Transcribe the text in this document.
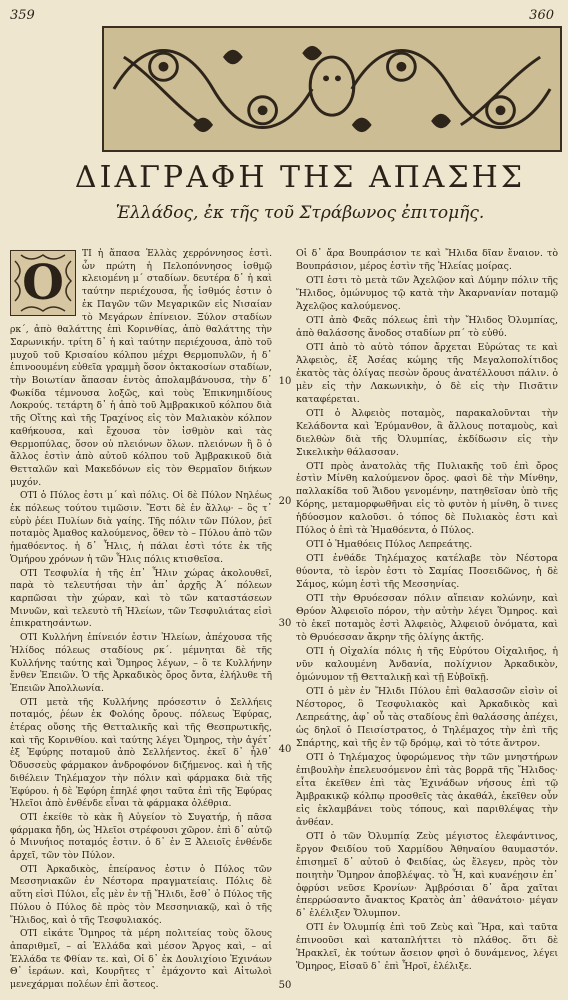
359	360
ΔΙΑΓΡΑΦΗ ΤΗΣ ΑΠΑΣΗΣ
Ἑλλάδος, ἐκ τῆς τοῦ Στράβωνος ἐπιτομῆς.
Ο

ΤΙ ἡ ἅπασα Ἑλλὰς χερρόννησος ἐστὶ. ὧν πρώτη ἡ Πελοπόννησος ἰσθμῷ κλειομένη μ΄ σταδίων. δευτέρα δ᾽ ἡ καὶ ταύτην περιέχουσα, ἧς ἰσθμός ἐστιν ὁ ἐκ Παγῶν τῶν Μεγαρικῶν εἰς Νισαίαν τὸ Μεγάρων ἐπίνειον. Ξύλον σταδίων ρκ΄, ἀπὸ θαλάττης ἐπὶ Κορινθίας, ἀπὸ θαλάττης τὴν Σαρωνικήν. τρίτη δ᾽ ἡ καὶ ταύτην περιέχουσα, ἀπὸ τοῦ μυχοῦ τοῦ Κρισαίου κόλπου μέχρι Θερμοπυλῶν, ἡ δ᾽ ἐπινοουμένη εὐθεῖα γραμμὴ ὅσον ὀκτακοσίων σταδίων, τὴν Βοιωτίαν ἅπασαν ἐντὸς ἀπολαμβάνουσα, τὴν δ᾽ Φωκίδα τέμνουσα λοξῶς, καὶ τοὺς Ἐπικνημιδίους Λοκρούς. τετάρτη δ᾽ ἡ ἀπὸ τοῦ Ἀμβρακικοῦ κόλπου διὰ τῆς Οἴτης καὶ τῆς Τραχίνος εἰς τὸν Μαλιακὸν κόλπον καθήκουσα, καὶ ἔχουσα τὸν ἰσθμὸν καὶ τὰς Θερμοπύλας, ὅσον οὐ πλειόνων ὅλων. πλειόνων ἢ ὃ ὁ ἄλλος ἐστὶν ἀπὸ αὐτοῦ κόλπου τοῦ Ἀμβρακικοῦ διὰ Θετταλῶν καὶ Μακεδόνων εἰς τὸν Θερμαῖον διήκων μυχόν.

ΟΤΙ ὁ Πύλος ἐστι μ΄ καὶ πόλις. Οἱ δὲ Πύλον Νηλέως ἐκ πόλεως τούτου τιμῶσιν. Ἔστι δὲ ἐν ἄλλῳ· – ὃς τ᾽ εὐρὺ ῥέει Πυλίων διὰ γαίης. Τῆς πόλιν τῶν Πύλον, ῥεῖ ποταμὸς Ἀμαθος καλούμενος, ὅθεν τὸ – Πύλου ἀπὸ τῶν ἠμαθόεντος. ἡ δ᾽ Ἦλις, ἡ πάλαι ἐστὶ τότε ἐκ τῆς Ὁμήρου χρόνων ἡ τῶν Ἦλις πόλις κτισθεῖσα.

ΟΤΙ Τεσφυλία ἡ τῆς ἐπ᾽ Ἦλιν χώρας ἀκολουθεῖ, παρὰ τὸ τελευτήσαι τὴν ἀπ᾽ ἀρχῆς Ἀ΄ πόλεων καρπῶσαι τὴν χώραν, καὶ τὸ τῶν καταστάσεων Μινυῶν, καὶ τελευτὸ τῆ Ἠλείων, τῶν Τεσφυλιάτας εἰσὶ ἐπικρατησάντων.

ΟΤΙ Κυλλήνη ἐπίνειόν ἐστιν Ἠλείων, ἀπέχουσα τῆς Ἠλίδος πόλεως σταδίους ρκ΄. μέμνηται δὲ τῆς Κυλλήνης ταύτης καὶ Ὅμηρος λέγων, – ὃ τε Κυλλήνην ἔνθεν Ἐπειῶν. Ὁ τῆς Ἀρκαδικὸς ὄρος ὄντα, ἐλήλυθε τῆ Ἐπειῶν Ἀπολλωνία.

ΟΤΙ μετὰ τῆς Κυλλήνης πρόσεστιν ὁ Σελλήεις ποταμός, ῥέων ἐκ Φολόης ὄρους. πόλεως Ἐφύρας, ἑτέρας οὔσης τῆς Θετταλικῆς καὶ τῆς Θεσπρωτικῆς, καὶ τῆς Κορινθίου. καὶ ταύτης λέγει Ὅμηρος, τὴν ἀγέτ᾽ ἐξ Ἐφύρης ποταμοῦ ἀπὸ Σελλήεντος. ἐκεῖ δ᾽ ἦλθ᾽ Ὀδυσσεὺς φάρμακον ἀνδροφόνον διζήμενος. καὶ ἡ τῆς διθέλειν Τηλέμαχον τὴν πόλιν καὶ φάρμακα διὰ τῆς Ἐφύρου. ἡ δὲ Ἐφύρη ἐπηλέ φησι ταῦτα ἐπὶ τῆς Ἐφύρας Ἠλεῖοι ἀπὸ ἐνθένδε εἶναι τὰ φάρμακα ὀλέθρια.

ΟΤΙ ἐκείθε τὸ κὰκ ἢ Αὐγείον τὸ Συγατήρ, ἡ πᾶσα φάρμακα ἤδη, ὡς Ἠλεῖοι στρέφουσι χῶρον. ἐπὶ δ᾽ αὐτῷ ὁ Μινυήιος ποταμός ἐστιν. ὁ δ᾽ ἐν Ξ Ἀλειοῖς ἐνθένδε ἀρχεῖ, τῶν τὸν Πύλον.

ΟΤΙ Ἀρκαδικὸς, ἐπείρανος ἐστιν ὁ Πύλος τῶν Μεσσηνιακῶν ἐν Νέστορα πραγματείαις. Πόλις δὲ αὕτη εἰσὶ Πύλοι, εἷς μὲν ἐν τῇ Ἤλιδι, ἔσθ᾽ ὁ Πύλος τῆς Πύλου ὁ Πύλος δὲ πρὸς τὸν Μεσσηνιακῷ, καὶ ὁ τῆς Ἤλιδος, καὶ ὁ τῆς Τεσφυλιακός.

ΟΤΙ εἰκάτε Ὅμηρος τὰ μέρη πολιτείας τοὺς ὅλους ἀπαριθμεῖ, – αἱ Ἑλλάδα καὶ μέσον Ἄργος καὶ, – αἱ Ἑλλάδα τε Φθίαν τε. καὶ, Οἱ δ᾽ ἐκ Δουλιχίοιο Ἐχινάων Θ᾽ ἱεράων. καὶ, Κουρῆτες τ᾽ ἐμάχοντο καὶ Αἰτωλοὶ μενεχάρμαι πολέων ἐπὶ ἄστεος.

10
20
30
40
50

Οἱ δ᾽ ἄρα Βουπράσιον τε καὶ Ἤλιδα δῖαν ἔναιον. τὸ Βουπράσιον, μέρος ἐστὶν τῆς Ἠλείας μοίρας.

ΟΤΙ ἐστι τὸ μετὰ τῶν Ἀχελῷον καὶ Δύμην πόλιν τῆς Ἤλιδος, ὁμώνυμος τῷ κατὰ τὴν Ἀκαρνανίαν ποταμῷ Ἀχελῷος καλούμενος.

ΟΤΙ ἀπὸ Φεᾶς πόλεως ἐπὶ τὴν Ἤλιδος Ὀλυμπίας, ἀπὸ θαλάσσης ἄνοδος σταδίων ρπ΄ τὸ εὐθύ.

ΟΤΙ ἀπὸ τὸ αὐτὸ τόπον ἄρχεται Εὐρώτας τε καὶ Ἀλφειὸς, ἐξ Ἀσέας κώμης τῆς Μεγαλοπολίτιδος ἑκατὸς τὰς ὀλίγας πεσὼν ὄρους ἀνατέλλουσι πάλιν. ὁ μὲν εἰς τὴν Λακωνικὴν, ὁ δὲ εἰς τὴν Πισᾶτιν καταφέρεται.

ΟΤΙ ὁ Ἀλφειὸς ποταμὸς, παρακαλοῦνται τὴν Κελάδοντα καὶ Ἐρύμανθον, ἃ ἄλλους ποταμοὺς, καὶ διελθὼν διὰ τῆς Ὀλυμπίας, ἐκδίδωσιν εἰς τὴν Σικελικὴν θάλασσαν.

ΟΤΙ πρὸς ἀνατολὰς τῆς Πυλιακῆς τοῦ ἐπὶ ὄρος ἐστὶν Μίνθη καλούμενον ὄρος. φασὶ δὲ τὴν Μίνθην, παλλακίδα τοῦ Ἅιδου γενομένην, πατηθεῖσαν ὑπὸ τῆς Κόρης, μεταμορφωθῆναι εἰς τὸ φυτὸν ἡ μίνθη, ὃ τινες ἡδύοσμον καλοῦσι. ὁ τόπος δὲ Πυλιακὸς ἐστι καὶ Πύλος ὁ ἐπὶ τὰ Ἠμαθόεντα, ὁ Πύλος.

ΟΤΙ ὁ Ἡμαθόεις Πύλος Λεπρεάτης.

ΟΤΙ ἐνθάδε Τηλέμαχος κατέλαβε τὸν Νέστορα θύοντα, τὸ ἱερὸν ἐστι τὸ Σαμίας Ποσειδῶνος, ἡ δὲ Σάμος, κώμη ἐστὶ τῆς Μεσσηνίας.

ΟΤΙ τὴν Θρυόεσσαν πόλιν αἴπειαν κολώνην, καὶ Θρύον Ἀλφειοῖο πόρον, τὴν αὐτὴν λέγει Ὅμηρος. καὶ τὸ ἐκεῖ ποταμὸς ἐστὶ Ἀλφειὸς, Ἀλφειοῦ ὀνόματα, καὶ τὸ Θρυόεσσαν ἄκρην τῆς ὀλίγης ἀκτῆς.

ΟΤΙ ἡ Οἰχαλία πόλις ἡ τῆς Εὐρύτου Οἰχαλιῆος, ἡ νῦν καλουμένη Ἀνδανία, πολίχνιον Ἀρκαδικὸν, ὁμώνυμον τῇ Θετταλικῇ καὶ τῇ Εὐβοϊκῇ.

ΟΤΙ ὁ μὲν ἐν Ἤλιδι Πύλου ἐπὶ θαλασσῶν εἰσὶν οἱ Νέστορος, ὃ Τεσφυλιακὸς καὶ Ἀρκαδικὸς καὶ Λεπρεάτης, ἀφ᾽ οὗ τὰς σταδίους ἐπὶ θαλάσσης ἀπέχει, ὡς δηλοῖ ὁ Πεισίστρατος, ὁ Τηλέμαχος τὴν ἐπὶ τῆς Σπάρτης, καὶ τῆς ἐν τῷ δρόμῳ, καὶ τὸ τότε ἄντρον.

ΟΤΙ ὁ Τηλέμαχος ὑφορώμενος τὴν τῶν μνηστήρων ἐπιβουλὴν ἐπελευσόμενον ἐπὶ τὰς βορρᾶ τῆς Ἤλιδος· εἶτα ἐκεῖθεν ἐπὶ τὰς Ἐχινάδων νήσους ἐπὶ τῷ Ἀμβρακικῷ κόλπῳ προσθεῖς τὰς ἀκαθάλ, ἐκεῖθεν οὖν εἰς ἐκλαμβάνει τοὺς τόπους, καὶ παριθλέψας τὴν ἀνθέαν.

ΟΤΙ ὁ τῶν Ὀλυμπίᾳ Ζεὺς μέγιστος ἐλεφάντινος, ἔργον Φειδίου τοῦ Χαρμίδου Ἀθηναίου θαυμαστόν. ἐπισημεῖ δ᾽ αὐτοῦ ὁ Φειδίας, ὡς ἔλεγεν, πρὸς τὸν ποιητὴν Ὅμηρον ἀποβλέψας. τὸ Ἦ, καὶ κυανέῃσιν ἐπ᾽ ὀφρύσι νεῦσε Κρονίων· Ἀμβρόσιαι δ᾽ ἄρα χαῖται ἐπερρώσαντο ἄνακτος Κρατὸς ἀπ᾽ ἀθανάτοιο· μέγαν δ᾽ ἐλέλιξεν Ὄλυμπον.

ΟΤΙ ἐν Ὀλυμπίᾳ ἐπὶ τοῦ Ζεὺς καὶ Ἥρα, καὶ ταῦτα ἐπινοοῦσι καὶ καταπλήττει τὸ πλάθος. ὅτι δὲ Ἡρακλεῖ, ἐκ τούτων ἄσειον φησὶ ὁ δυνάμενος, λέγει Ὅμηρος, Εἰσαῦ δ᾽ ἐπὶ Ἦροϊ, ἐλέλιξε.
